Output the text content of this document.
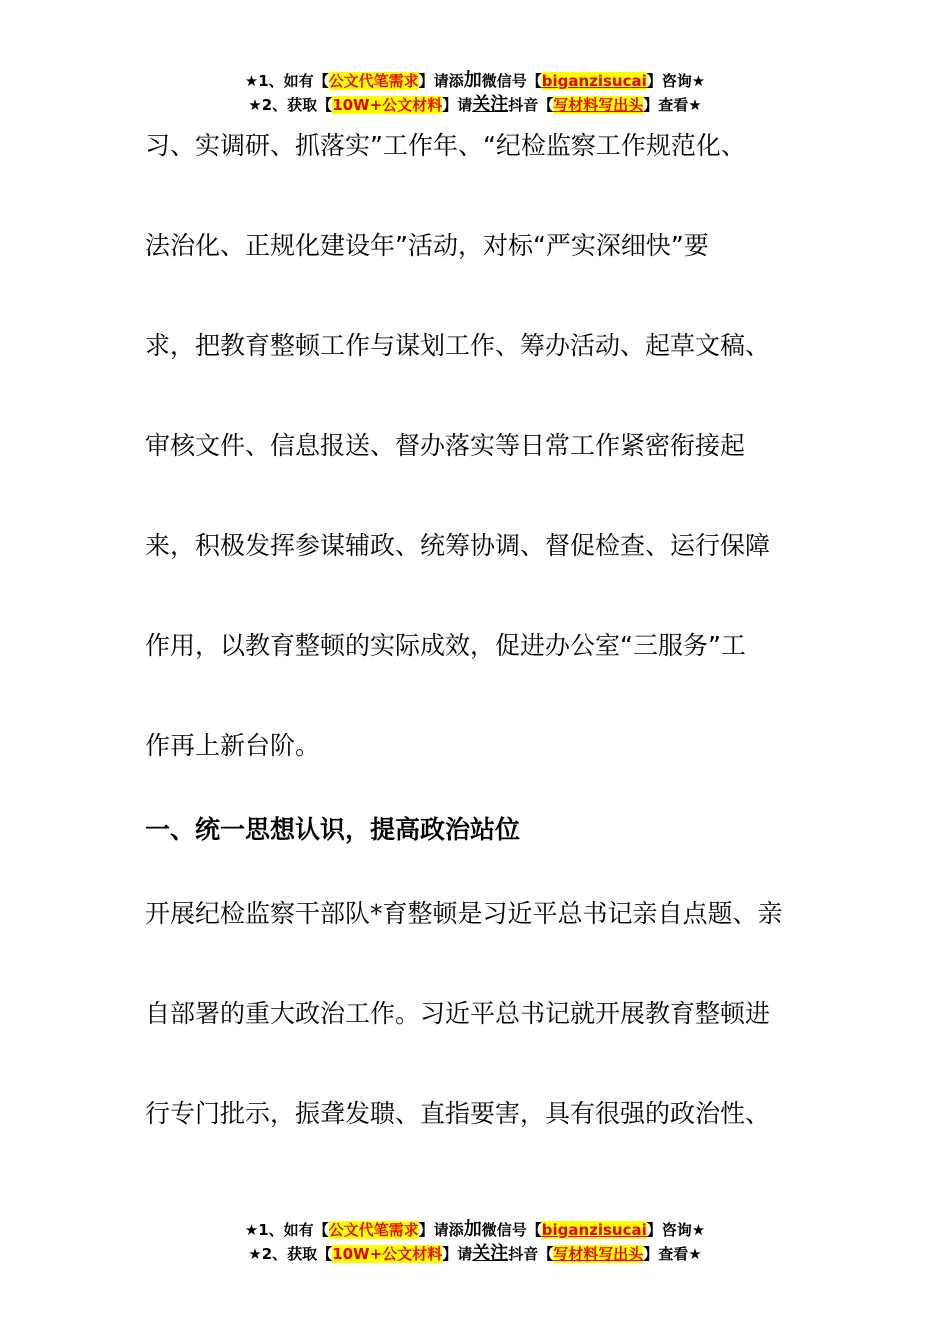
★1、如有【公文代笔需求】请添加微信号【biganzisucai】咨询★
★2、获取【10W+公文材料】请关注抖音【写材料写出头】查看★
习、实调研、抓落实”工作年、“纪检监察工作规范化、
法治化、正规化建设年”活动，对标“严实深细快”要
求，把教育整顿工作与谋划工作、筹办活动、起草文稿、
审核文件、信息报送、督办落实等日常工作紧密衔接起
来，积极发挥参谋辅政、统筹协调、督促检查、运行保障
作用，以教育整顿的实际成效，促进办公室“三服务”工
作再上新台阶。
一、统一思想认识，提高政治站位
开展纪检监察干部队*育整顿是习近平总书记亲自点题、亲
自部署的重大政治工作。习近平总书记就开展教育整顿进
行专门批示，振聋发聩、直指要害，具有很强的政治性、
★1、如有【公文代笔需求】请添加微信号【biganzisucai】咨询★
★2、获取【10W+公文材料】请关注抖音【写材料写出头】查看★
